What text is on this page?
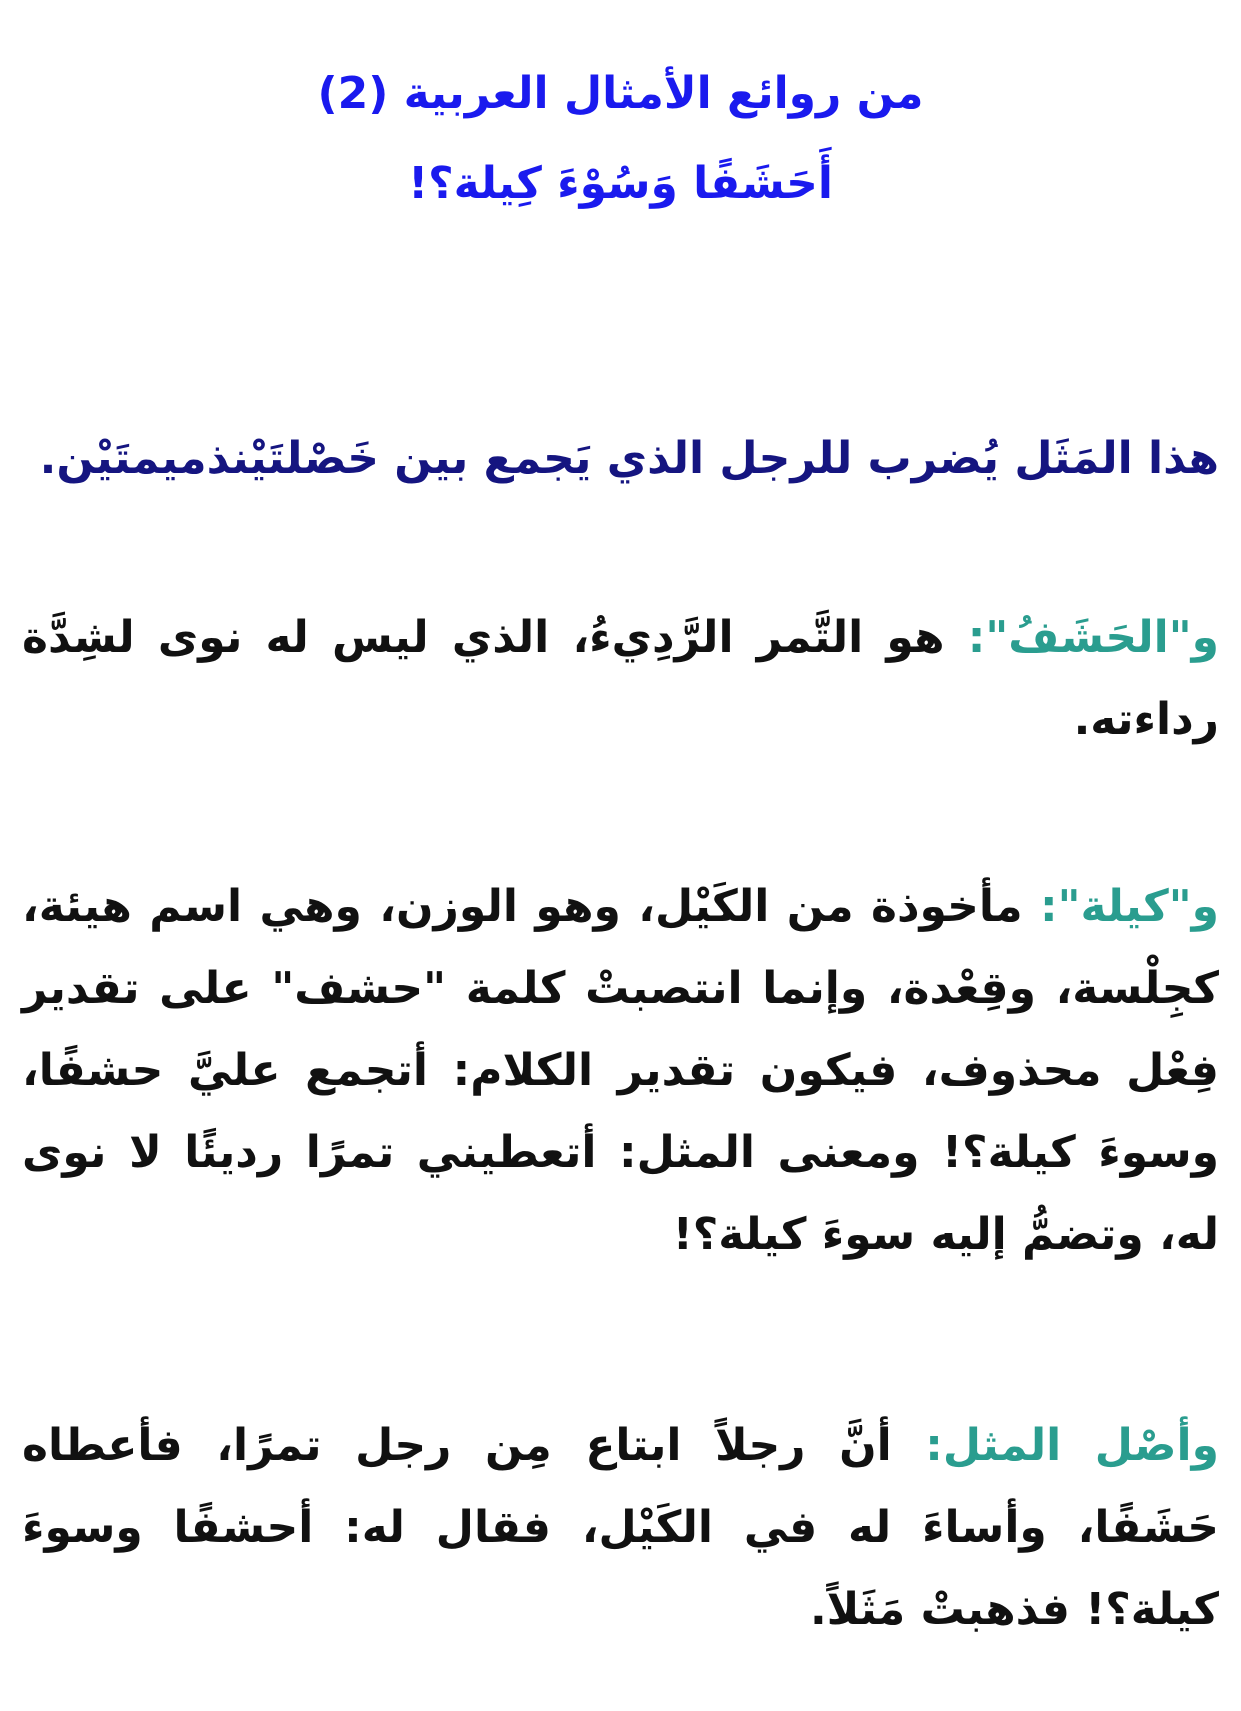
من روائع الأمثال العربية (2)
أَحَشَفًا وَسُوْءَ كِيلة؟!
هذا المَثَل يُضرب للرجل الذي يَجمع بين خَصْلتَيْنذميمتَيْن.
و"الحَشَفُ": هو التَّمر الرَّدِيءُ، الذي ليس له نوى لشِدَّة رداءته.
و"كيلة": مأخوذة من الكَيْل، وهو الوزن، وهي اسم هيئة، كجِلْسة، وقِعْدة، وإنما انتصبتْ كلمة "حشف" على تقدير فِعْل محذوف، فيكون تقدير الكلام: أتجمع عليَّ حشفًا، وسوءَ كيلة؟! ومعنى المثل: أتعطيني تمرًا رديئًا لا نوى له، وتضمُّ إليه سوءَ كيلة؟!
وأصْل المثل: أنَّ رجلاً ابتاع مِن رجل تمرًا، فأعطاه حَشَفًا، وأساءَ له في الكَيْل، فقال له: أحشفًا وسوءَ كيلة؟! فذهبتْ مَثَلاً.
